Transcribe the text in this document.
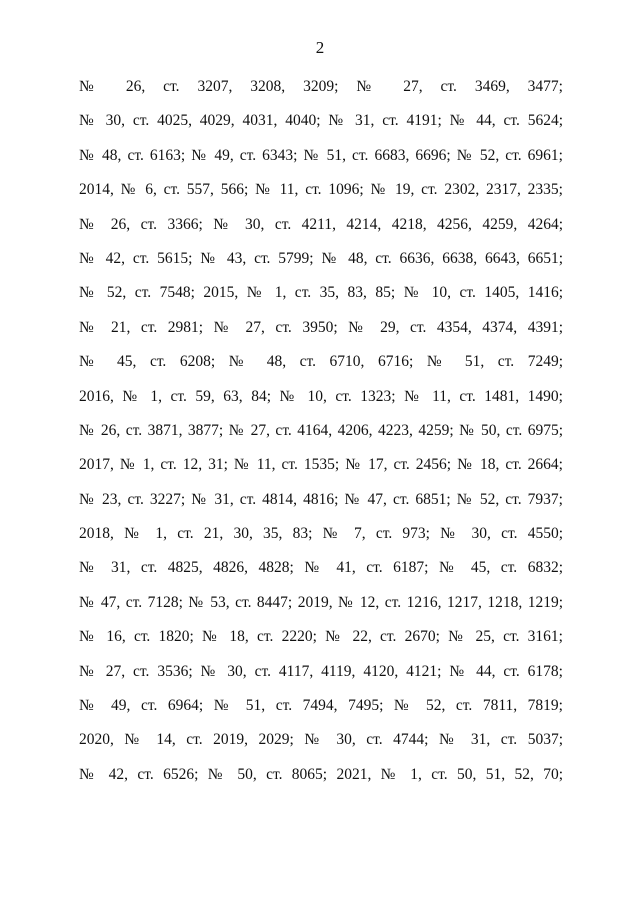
2
№ 26, ст. 3207, 3208, 3209; № 27, ст. 3469, 3477;
№ 30, ст. 4025, 4029, 4031, 4040; № 31, ст. 4191; № 44, ст. 5624;
№ 48, ст. 6163; № 49, ст. 6343; № 51, ст. 6683, 6696; № 52, ст. 6961;
2014, № 6, ст. 557, 566; № 11, ст. 1096; № 19, ст. 2302, 2317, 2335;
№ 26, ст. 3366; № 30, ст. 4211, 4214, 4218, 4256, 4259, 4264;
№ 42, ст. 5615; № 43, ст. 5799; № 48, ст. 6636, 6638, 6643, 6651;
№ 52, ст. 7548; 2015, № 1, ст. 35, 83, 85; № 10, ст. 1405, 1416;
№ 21, ст. 2981; № 27, ст. 3950; № 29, ст. 4354, 4374, 4391;
№ 45, ст. 6208; № 48, ст. 6710, 6716; № 51, ст. 7249;
2016, № 1, ст. 59, 63, 84; № 10, ст. 1323; № 11, ст. 1481, 1490;
№ 26, ст. 3871, 3877; № 27, ст. 4164, 4206, 4223, 4259; № 50, ст. 6975;
2017, № 1, ст. 12, 31; № 11, ст. 1535; № 17, ст. 2456; № 18, ст. 2664;
№ 23, ст. 3227; № 31, ст. 4814, 4816; № 47, ст. 6851; № 52, ст. 7937;
2018, № 1, ст. 21, 30, 35, 83; № 7, ст. 973; № 30, ст. 4550;
№ 31, ст. 4825, 4826, 4828; № 41, ст. 6187; № 45, ст. 6832;
№ 47, ст. 7128; № 53, ст. 8447; 2019, № 12, ст. 1216, 1217, 1218, 1219;
№ 16, ст. 1820; № 18, ст. 2220; № 22, ст. 2670; № 25, ст. 3161;
№ 27, ст. 3536; № 30, ст. 4117, 4119, 4120, 4121; № 44, ст. 6178;
№ 49, ст. 6964; № 51, ст. 7494, 7495; № 52, ст. 7811, 7819;
2020, № 14, ст. 2019, 2029; № 30, ст. 4744; № 31, ст. 5037;
№ 42, ст. 6526; № 50, ст. 8065; 2021, № 1, ст. 50, 51, 52, 70;
